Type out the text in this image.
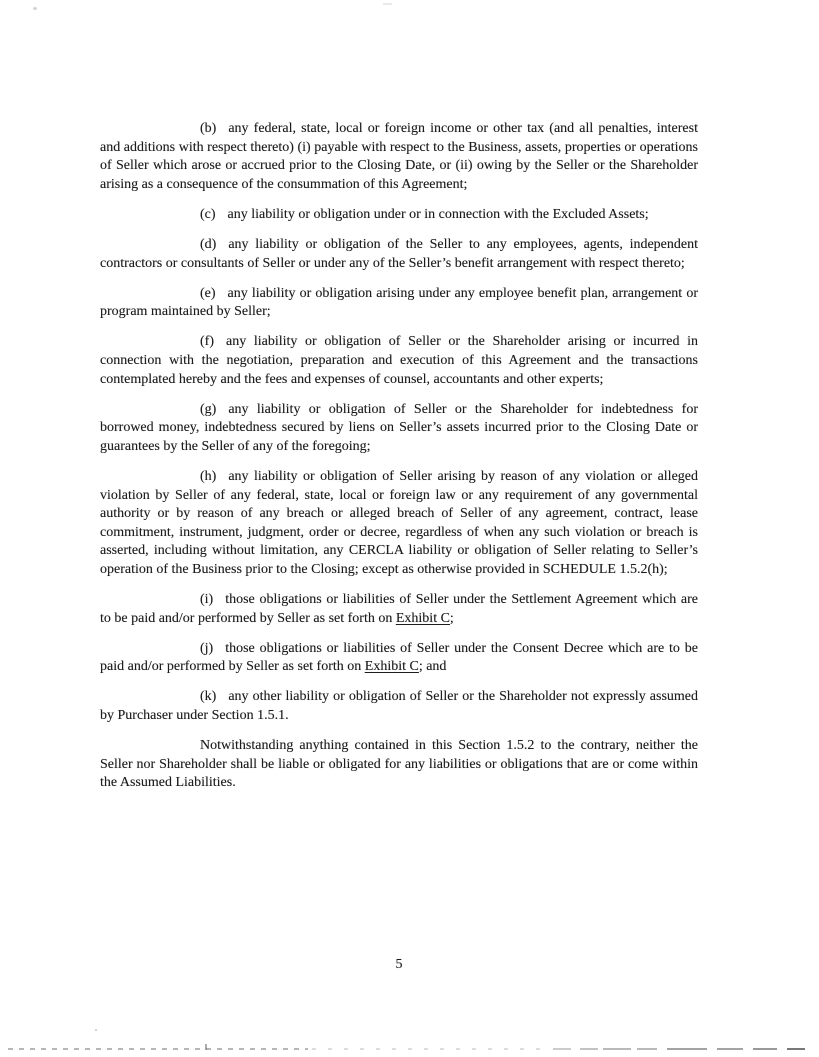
(b) any federal, state, local or foreign income or other tax (and all penalties, interest and additions with respect thereto) (i) payable with respect to the Business, assets, properties or operations of Seller which arose or accrued prior to the Closing Date, or (ii) owing by the Seller or the Shareholder arising as a consequence of the consummation of this Agreement;

(c) any liability or obligation under or in connection with the Excluded Assets;

(d) any liability or obligation of the Seller to any employees, agents, independent contractors or consultants of Seller or under any of the Seller’s benefit arrangement with respect thereto;

(e) any liability or obligation arising under any employee benefit plan, arrangement or program maintained by Seller;

(f) any liability or obligation of Seller or the Shareholder arising or incurred in connection with the negotiation, preparation and execution of this Agreement and the transactions contemplated hereby and the fees and expenses of counsel, accountants and other experts;

(g) any liability or obligation of Seller or the Shareholder for indebtedness for borrowed money, indebtedness secured by liens on Seller’s assets incurred prior to the Closing Date or guarantees by the Seller of any of the foregoing;

(h) any liability or obligation of Seller arising by reason of any violation or alleged violation by Seller of any federal, state, local or foreign law or any requirement of any governmental authority or by reason of any breach or alleged breach of Seller of any agreement, contract, lease commitment, instrument, judgment, order or decree, regardless of when any such violation or breach is asserted, including without limitation, any CERCLA liability or obligation of Seller relating to Seller’s operation of the Business prior to the Closing; except as otherwise provided in SCHEDULE 1.5.2(h);

(i) those obligations or liabilities of Seller under the Settlement Agreement which are to be paid and/or performed by Seller as set forth on Exhibit C;

(j) those obligations or liabilities of Seller under the Consent Decree which are to be paid and/or performed by Seller as set forth on Exhibit C; and

(k) any other liability or obligation of Seller or the Shareholder not expressly assumed by Purchaser under Section 1.5.1.

Notwithstanding anything contained in this Section 1.5.2 to the contrary, neither the Seller nor Shareholder shall be liable or obligated for any liabilities or obligations that are or come within the Assumed Liabilities.

5
